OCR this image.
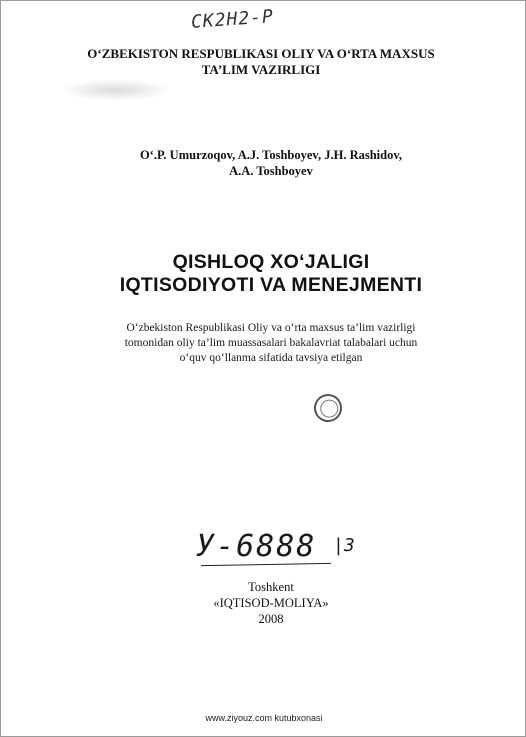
CK2H2-P
O‘ZBEKISTON RESPUBLIKASI OLIY VA O‘RTA MAXSUS
TA’LIM VAZIRLIGI
O‘.P. Umurzoqov, A.J. Toshboyev, J.H. Rashidov,
A.A. Toshboyev
QISHLOQ XO‘JALIGI
IQTISODIYOTI VA MENEJMENTI
O‘zbekiston Respublikasi Oliy va o‘rta maxsus ta’lim vazirligi
tomonidan oliy ta’lim muassasalari bakalavriat talabalari uchun
o‘quv qo‘llanma sifatida tavsiya etilgan
У-6888 |3
Toshkent
«IQTISOD-MOLIYA»
2008
www.ziyouz.com kutubxonasi
